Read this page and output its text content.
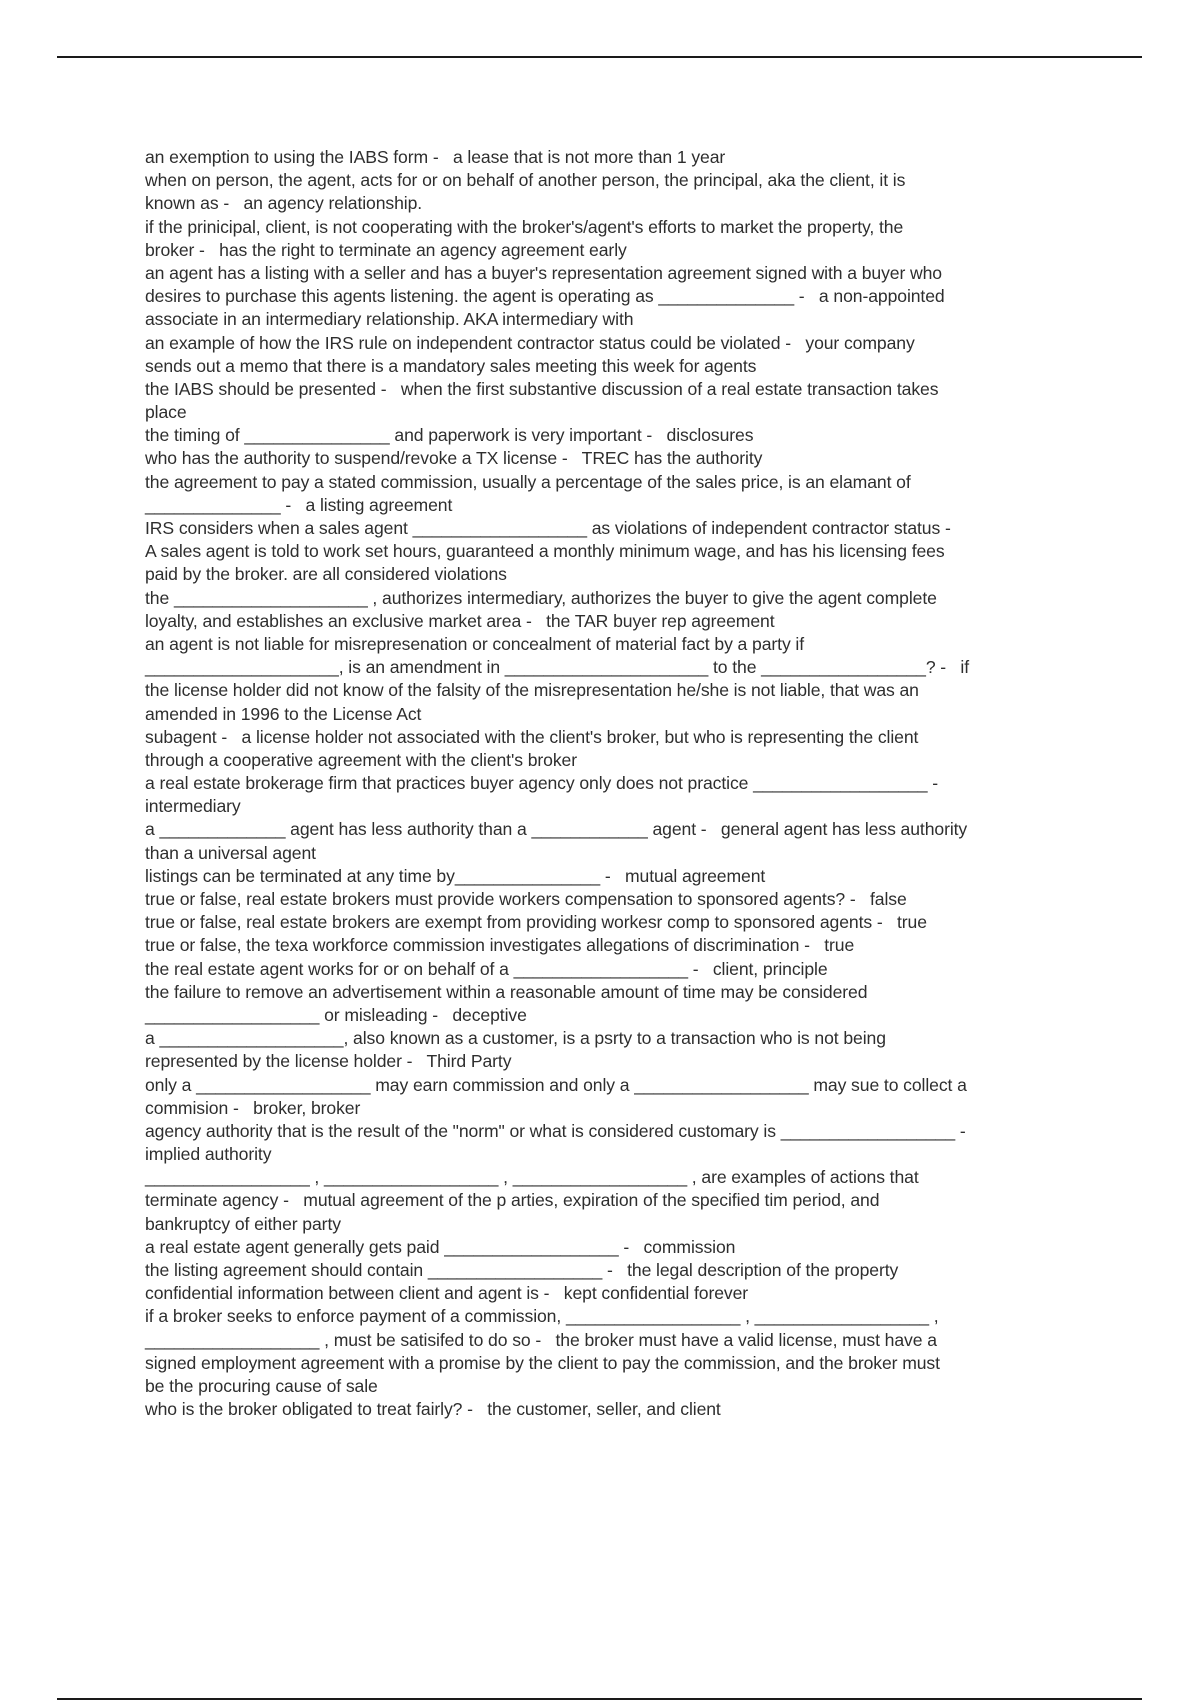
an exemption to using the IABS form -   a lease that is not more than 1 year
when on person, the agent, acts for or on behalf of another person, the principal, aka the client, it is
known as -   an agency relationship.
if the prinicipal, client, is not cooperating with the broker's/agent's efforts to market the property, the
broker -   has the right to terminate an agency agreement early
an agent has a listing with a seller and has a buyer's representation agreement signed with a buyer who
desires to purchase this agents listening. the agent is operating as ______________ -   a non-appointed
associate in an intermediary relationship. AKA intermediary with
an example of how the IRS rule on independent contractor status could be violated -   your company
sends out a memo that there is a mandatory sales meeting this week for agents
the IABS should be presented -   when the first substantive discussion of a real estate transaction takes
place
the timing of _______________ and paperwork is very important -   disclosures
who has the authority to suspend/revoke a TX license -   TREC has the authority
the agreement to pay a stated commission, usually a percentage of the sales price, is an elamant of
______________ -   a listing agreement
IRS considers when a sales agent __________________ as violations of independent contractor status -
A sales agent is told to work set hours, guaranteed a monthly minimum wage, and has his licensing fees
paid by the broker. are all considered violations
the ____________________ , authorizes intermediary, authorizes the buyer to give the agent complete
loyalty, and establishes an exclusive market area -   the TAR buyer rep agreement
an agent is not liable for misrepresenation or concealment of material fact by a party if
____________________, is an amendment in _____________________ to the _________________? -   if
the license holder did not know of the falsity of the misrepresentation he/she is not liable, that was an
amended in 1996 to the License Act
subagent -   a license holder not associated with the client's broker, but who is representing the client
through a cooperative agreement with the client's broker
a real estate brokerage firm that practices buyer agency only does not practice __________________ -
intermediary
a _____________ agent has less authority than a ____________ agent -   general agent has less authority
than a universal agent
listings can be terminated at any time by_______________ -   mutual agreement
true or false, real estate brokers must provide workers compensation to sponsored agents? -   false
true or false, real estate brokers are exempt from providing workesr comp to sponsored agents -   true
true or false, the texa workforce commission investigates allegations of discrimination -   true
the real estate agent works for or on behalf of a __________________ -   client, principle
the failure to remove an advertisement within a reasonable amount of time may be considered
__________________ or misleading -   deceptive
a ___________________, also known as a customer, is a psrty to a transaction who is not being
represented by the license holder -   Third Party
only a __________________ may earn commission and only a __________________ may sue to collect a
commision -   broker, broker
agency authority that is the result of the "norm" or what is considered customary is __________________ -
implied authority
_________________ , __________________ , __________________ , are examples of actions that
terminate agency -   mutual agreement of the p arties, expiration of the specified tim period, and
bankruptcy of either party
a real estate agent generally gets paid __________________ -   commission
the listing agreement should contain __________________ -   the legal description of the property
confidential information between client and agent is -   kept confidential forever
if a broker seeks to enforce payment of a commission, __________________ , __________________ ,
__________________ , must be satisifed to do so -   the broker must have a valid license, must have a
signed employment agreement with a promise by the client to pay the commission, and the broker must
be the procuring cause of sale
who is the broker obligated to treat fairly? -   the customer, seller, and client
